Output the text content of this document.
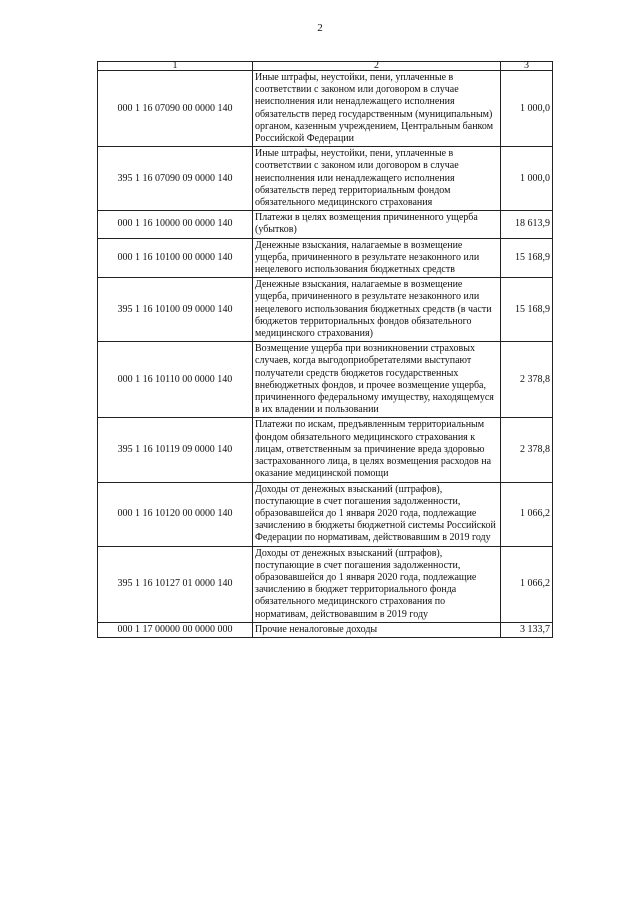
2
1	2	3
000 1 16 07090 00 0000 140	Иные штрафы, неустойки, пени, уплаченные в соответствии с законом или договором в случае неисполнения или ненадлежащего исполнения обязательств перед государственным (муниципальным) органом, казенным учреждением, Центральным банком Российской Федерации	1 000,0
395 1 16 07090 09 0000 140	Иные штрафы, неустойки, пени, уплаченные в соответствии с законом или договором в случае неисполнения или ненадлежащего исполнения обязательств перед территориальным фондом обязательного медицинского страхования	1 000,0
000 1 16 10000 00 0000 140	Платежи в целях возмещения причиненного ущерба (убытков)	18 613,9
000 1 16 10100 00 0000 140	Денежные взыскания, налагаемые в возмещение ущерба, причиненного в результате незаконного или нецелевого использования бюджетных средств	15 168,9
395 1 16 10100 09 0000 140	Денежные взыскания, налагаемые в возмещение ущерба, причиненного в результате незаконного или нецелевого использования бюджетных средств (в части бюджетов территориальных фондов обязательного медицинского страхования)	15 168,9
000 1 16 10110 00 0000 140	Возмещение ущерба при возникновении страховых случаев, когда выгодоприобретателями выступают получатели средств бюджетов государственных внебюджетных фондов, и прочее возмещение ущерба, причиненного федеральному имуществу, находящемуся в их владении и пользовании	2 378,8
395 1 16 10119 09 0000 140	Платежи по искам, предъявленным территориальным фондом обязательного медицинского страхования к лицам, ответственным за причинение вреда здоровью застрахованного лица, в целях возмещения расходов на оказание медицинской помощи	2 378,8
000 1 16 10120 00 0000 140	Доходы от денежных взысканий (штрафов), поступающие в счет погашения задолженности, образовавшейся до 1 января 2020 года, подлежащие зачислению в бюджеты бюджетной системы Российской Федерации по нормативам, действовавшим в 2019 году	1 066,2
395 1 16 10127 01 0000 140	Доходы от денежных взысканий (штрафов), поступающие в счет погашения задолженности, образовавшейся до 1 января 2020 года, подлежащие зачислению в бюджет территориального фонда обязательного медицинского страхования по нормативам, действовавшим в 2019 году	1 066,2
000 1 17 00000 00 0000 000	Прочие неналоговые доходы	3 133,7
